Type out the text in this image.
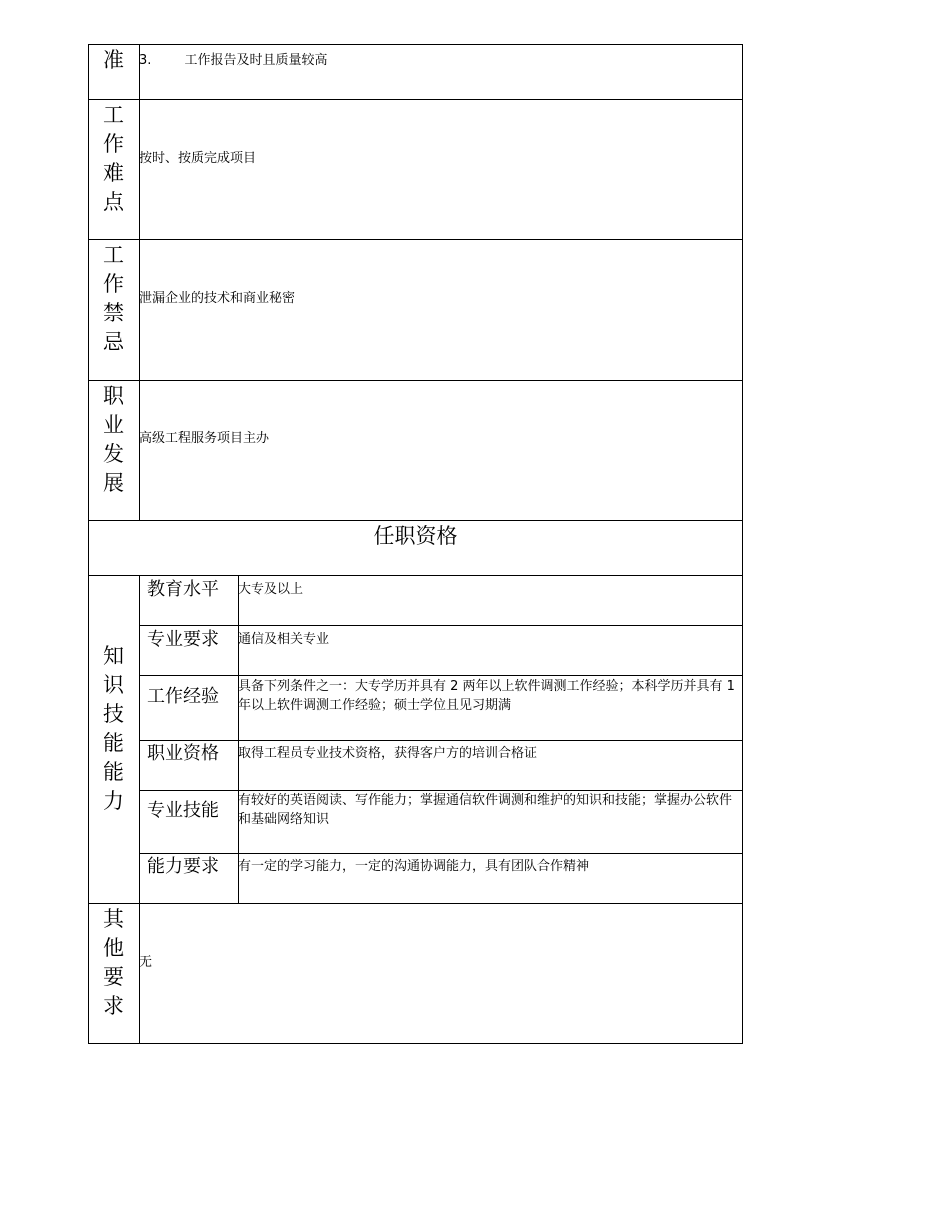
准	3.        工作报告及时且质量较高
工
作
难
点
按时、按质完成项目
工
作
禁
忌
泄漏企业的技术和商业秘密
职
业
发
展
高级工程服务项目主办
任职资格
知
识
技
能
能
力
教育水平 大专及以上
专业要求 通信及相关专业
工作经验 具备下列条件之一：大专学历并具有 2 两年以上软件调测工作经验；本科学历并具有 1 年以上软件调测工作经验；硕士学位且见习期满
职业资格 取得工程员专业技术资格，获得客户方的培训合格证
专业技能 有较好的英语阅读、写作能力；掌握通信软件调测和维护的知识和技能；掌握办公软件和基础网络知识
能力要求 有一定的学习能力，一定的沟通协调能力，具有团队合作精神
其
他
要
求
无
